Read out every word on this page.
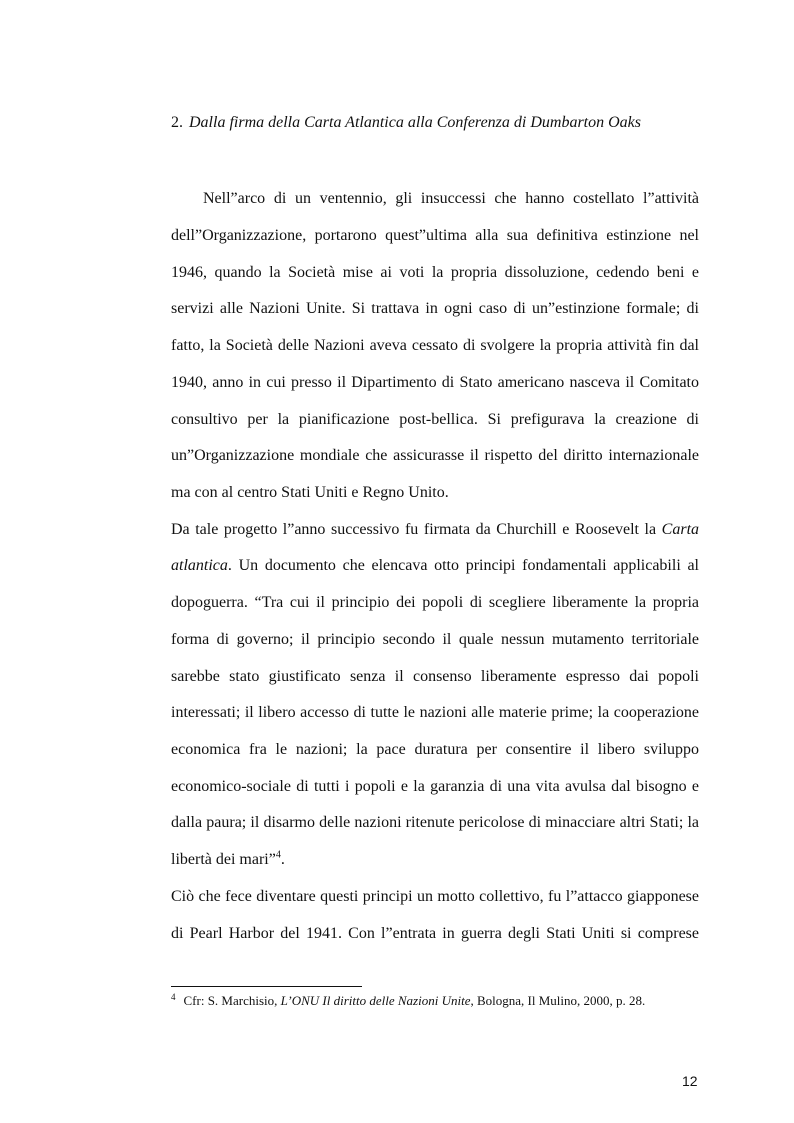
2. Dalla firma della Carta Atlantica alla Conferenza di Dumbarton Oaks
Nell”arco di un ventennio, gli insuccessi che hanno costellato l”attività
dell”Organizzazione, portarono quest”ultima alla sua definitiva estinzione nel
1946, quando la Società mise ai voti la propria dissoluzione, cedendo beni e
servizi alle Nazioni Unite. Si trattava in ogni caso di un”estinzione formale; di
fatto, la Società delle Nazioni aveva cessato di svolgere la propria attività fin dal
1940, anno in cui presso il Dipartimento di Stato americano nasceva il Comitato
consultivo per la pianificazione post-bellica. Si prefigurava la creazione di
un”Organizzazione mondiale che assicurasse il rispetto del diritto internazionale
ma con al centro Stati Uniti e Regno Unito.
Da tale progetto l”anno successivo fu firmata da Churchill e Roosevelt la Carta
atlantica. Un documento che elencava otto principi fondamentali applicabili al
dopoguerra. “Tra cui il principio dei popoli di scegliere liberamente la propria
forma di governo; il principio secondo il quale nessun mutamento territoriale
sarebbe stato giustificato senza il consenso liberamente espresso dai popoli
interessati; il libero accesso di tutte le nazioni alle materie prime; la cooperazione
economica fra le nazioni; la pace duratura per consentire il libero sviluppo
economico-sociale di tutti i popoli e la garanzia di una vita avulsa dal bisogno e
dalla paura; il disarmo delle nazioni ritenute pericolose di minacciare altri Stati; la
libertà dei mari”$^4$.
Ciò che fece diventare questi principi un motto collettivo, fu l”attacco giapponese
di Pearl Harbor del 1941. Con l”entrata in guerra degli Stati Uniti si comprese
$^4$ Cfr: S. Marchisio, L’ONU Il diritto delle Nazioni Unite, Bologna, Il Mulino, 2000, p. 28.
12
